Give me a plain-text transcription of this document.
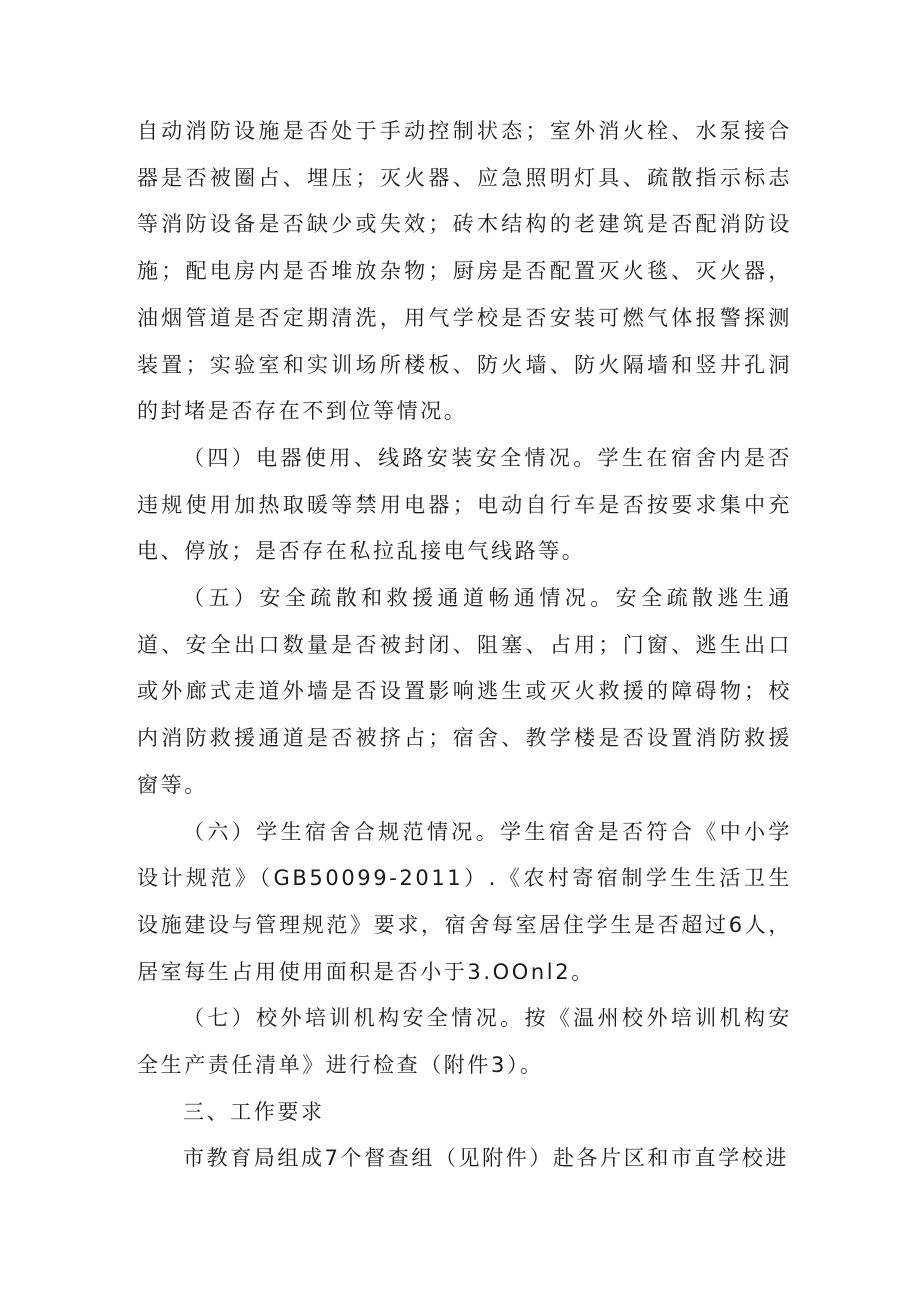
自动消防设施是否处于手动控制状态；室外消火栓、水泵接合器是否被圈占、埋压；灭火器、应急照明灯具、疏散指示标志等消防设备是否缺少或失效；砖木结构的老建筑是否配消防设施；配电房内是否堆放杂物；厨房是否配置灭火毯、灭火器，油烟管道是否定期清洗，用气学校是否安装可燃气体报警探测装置；实验室和实训场所楼板、防火墙、防火隔墙和竖井孔洞的封堵是否存在不到位等情况。

（四）电器使用、线路安装安全情况。学生在宿舍内是否违规使用加热取暖等禁用电器；电动自行车是否按要求集中充电、停放；是否存在私拉乱接电气线路等。

（五）安全疏散和救援通道畅通情况。安全疏散逃生通道、安全出口数量是否被封闭、阻塞、占用；门窗、逃生出口或外廊式走道外墙是否设置影响逃生或灭火救援的障碍物；校内消防救援通道是否被挤占；宿舍、教学楼是否设置消防救援窗等。

（六）学生宿舍合规范情况。学生宿舍是否符合《中小学设计规范》（GB50099-2011）.《农村寄宿制学生生活卫生设施建设与管理规范》要求，宿舍每室居住学生是否超过6人，居室每生占用使用面积是否小于3.OOnl2。

（七）校外培训机构安全情况。按《温州校外培训机构安全生产责任清单》进行检查（附件3）。

三、工作要求

市教育局组成7个督查组（见附件）赴各片区和市直学校进
